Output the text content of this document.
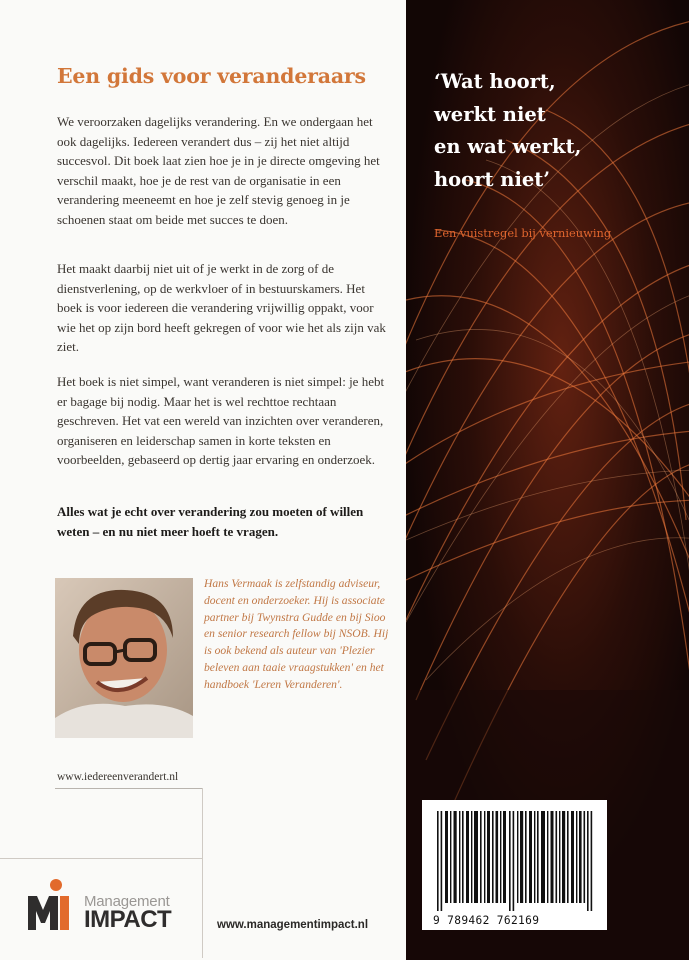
Een gids voor veranderaars

We veroorzaken dagelijks verandering. En we ondergaan het ook dagelijks. Iedereen verandert dus – zij het niet altijd succesvol. Dit boek laat zien hoe je in je directe omgeving het verschil maakt, hoe je de rest van de organisatie in een verandering meeneemt en hoe je zelf stevig genoeg in je schoenen staat om beide met succes te doen.

Het maakt daarbij niet uit of je werkt in de zorg of de dienstverlening, op de werkvloer of in bestuurskamers. Het boek is voor iedereen die verandering vrijwillig oppakt, voor wie het op zijn bord heeft gekregen of voor wie het als zijn vak ziet.

Het boek is niet simpel, want veranderen is niet simpel: je hebt er bagage bij nodig. Maar het is wel rechttoe rechtaan geschreven. Het vat een wereld van inzichten over veranderen, organiseren en leiderschap samen in korte teksten en voorbeelden, gebaseerd op dertig jaar ervaring en onderzoek.

Alles wat je echt over verandering zou moeten of willen weten – en nu niet meer hoeft te vragen.

Hans Vermaak is zelfstandig adviseur, docent en onderzoeker. Hij is associate partner bij Twynstra Gudde en bij Sioo en senior research fellow bij NSOB. Hij is ook bekend als auteur van 'Plezier beleven aan taaie vraagstukken' en het handboek 'Leren Veranderen'.

www.iedereenverandert.nl

Management

IMPACT	www.managementimpact.nl

‘Wat hoort,
werkt niet
en wat werkt,
hoort niet’

Een vuistregel bij vernieuwing

9 789462 762169
